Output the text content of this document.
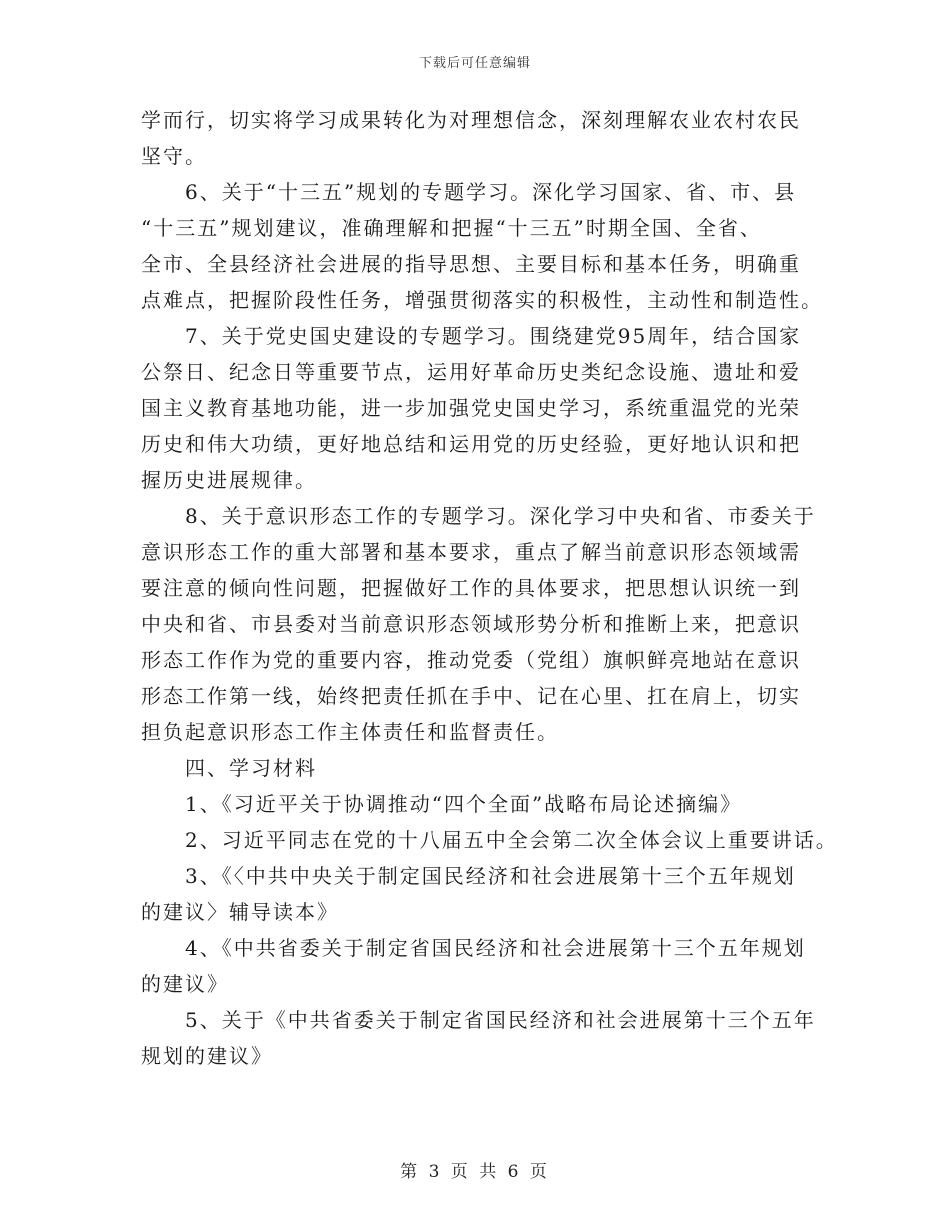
下载后可任意编辑
学而行，切实将学习成果转化为对理想信念，深刻理解农业农村农民
坚守。
6、关于“十三五”规划的专题学习。深化学习国家、省、市、县
“十三五”规划建议，准确理解和把握“十三五”时期全国、全省、
全市、全县经济社会进展的指导思想、主要目标和基本任务，明确重
点难点，把握阶段性任务，增强贯彻落实的积极性，主动性和制造性。
7、关于党史国史建设的专题学习。围绕建党95周年，结合国家
公祭日、纪念日等重要节点，运用好革命历史类纪念设施、遗址和爱
国主义教育基地功能，进一步加强党史国史学习，系统重温党的光荣
历史和伟大功绩，更好地总结和运用党的历史经验，更好地认识和把
握历史进展规律。
8、关于意识形态工作的专题学习。深化学习中央和省、市委关于
意识形态工作的重大部署和基本要求，重点了解当前意识形态领域需
要注意的倾向性问题，把握做好工作的具体要求，把思想认识统一到
中央和省、市县委对当前意识形态领域形势分析和推断上来，把意识
形态工作作为党的重要内容，推动党委（党组）旗帜鲜亮地站在意识
形态工作第一线，始终把责任抓在手中、记在心里、扛在肩上，切实
担负起意识形态工作主体责任和监督责任。
四、学习材料
1、《习近平关于协调推动“四个全面”战略布局论述摘编》
2、习近平同志在党的十八届五中全会第二次全体会议上重要讲话。
3、《〈中共中央关于制定国民经济和社会进展第十三个五年规划
的建议〉辅导读本》
4、《中共省委关于制定省国民经济和社会进展第十三个五年规划
的建议》
5、关于《中共省委关于制定省国民经济和社会进展第十三个五年
规划的建议》
第 3 页 共 6 页
